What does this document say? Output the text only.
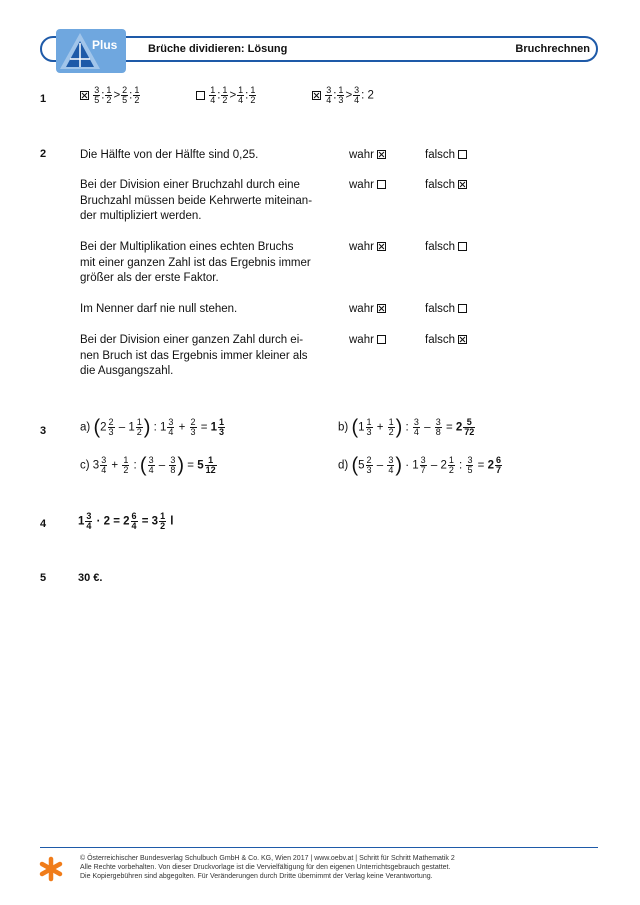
Plus	Brüche dividieren: Lösung	Bruchrechnen
1
	$\frac{3}{5}$ : $\frac{1}{2} > \frac{2}{5}$ : $\frac{1}{2}$
	$\frac{1}{4}$ : $\frac{1}{2} > \frac{1}{4}$ : $\frac{1}{2}$
	$\frac{3}{4}$ : $\frac{1}{3} > \frac{3}{4}$ : 2
2	Die Hälfte von der Hälfte sind 0,25.	wahr	falsch
Bei der Division einer Bruchzahl durch eine
Bruchzahl müssen beide Kehrwerte miteinan-
der multipliziert werden.
wahr	falsch
Bei der Multiplikation eines echten Bruchs
mit einer ganzen Zahl ist das Ergebnis immer
größer als der erste Faktor.
wahr	falsch
Im Nenner darf nie null stehen.	wahr	falsch
Bei der Division einer ganzen Zahl durch ei-
nen Bruch ist das Ergebnis immer kleiner als
die Ausgangszahl.
wahr	falsch
3	a) ($2 \frac{2}{3} - 1 \frac{1}{2}$ ) : $1 \frac{3}{4} + \frac{2}{3} = 1 \frac{1}{3}$	b) ($1 \frac{1}{3} + \frac{1}{2}$ ) : $\frac{3}{4} - \frac{3}{8} = 2 \frac{5}{72}$
c) $3 \frac{3}{4} + \frac{1}{2}$ : ( $\frac{3}{4} - \frac{3}{8}$ ) = $5 \frac{1}{12}$	d) ($5 \frac{2}{3} - \frac{3}{4}$ ) · $1 \frac{3}{7} - 2 \frac{1}{2}$ : $\frac{3}{5} = 2 \frac{6}{7}$
4	$1 \frac{3}{4} \cdot 2 = 2 \frac{6}{4} = 3 \frac{1}{2}$ l
5	30 €.
© Österreichischer Bundesverlag Schulbuch GmbH & Co. KG, Wien 2017 | www.oebv.at | Schritt für Schritt Mathematik 2
Alle Rechte vorbehalten. Von dieser Druckvorlage ist die Vervielfältigung für den eigenen Unterrichtsgebrauch gestattet.
Die Kopiergebühren sind abgegolten. Für Veränderungen durch Dritte übernimmt der Verlag keine Verantwortung.
